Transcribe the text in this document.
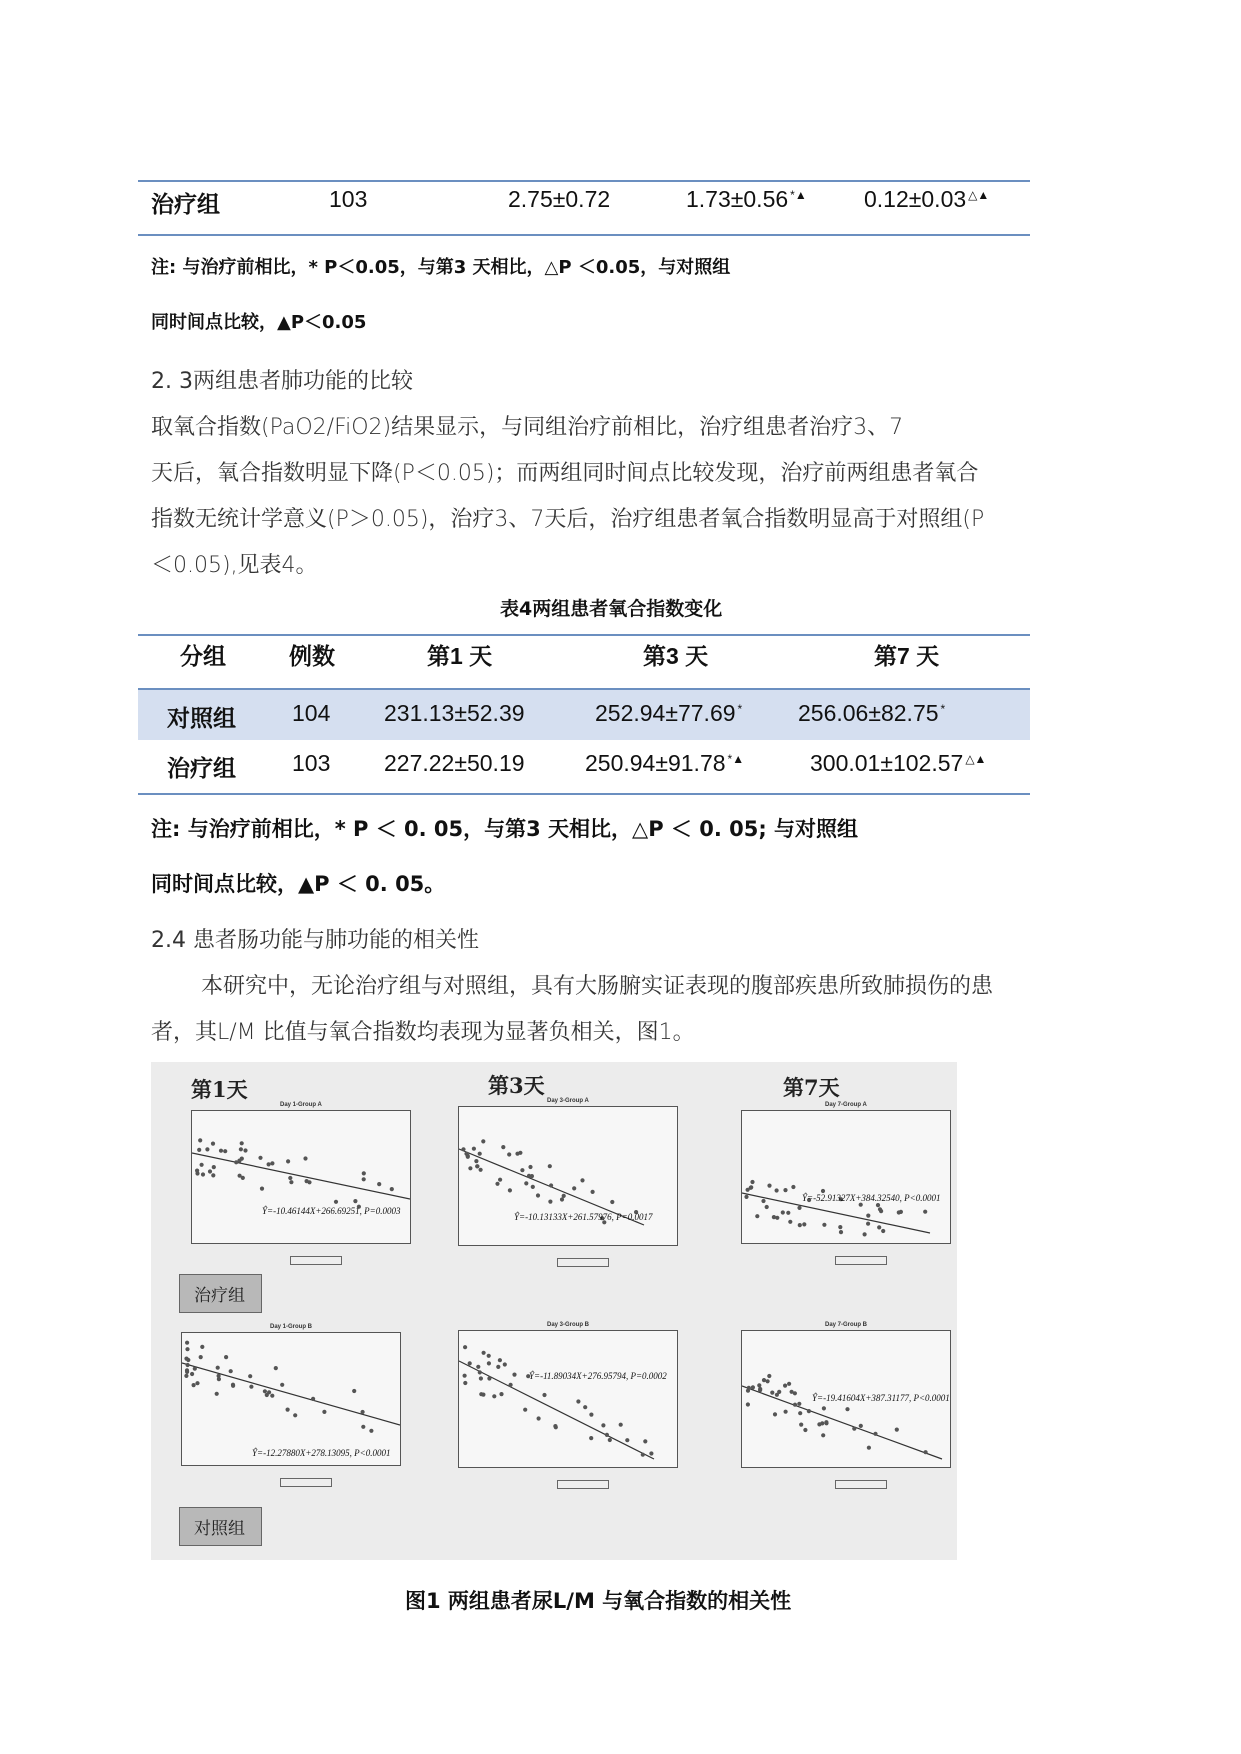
治疗组	103	2.75±0.72	1.73±0.56 *▲ 0.12±0.03 △▲
注: 与治疗前相比，* P＜0.05，与第3 天相比，△P ＜0.05，与对照组
同时间点比较，▲P＜0.05
2. 3两组患者肺功能的比较
取氧合指数(PaO2/FiO2)结果显示，与同组治疗前相比，治疗组患者治疗3、7
天后，氧合指数明显下降(P＜0.05)；而两组同时间点比较发现，治疗前两组患者氧合
指数无统计学意义(P＞0.05)，治疗3、7天后，治疗组患者氧合指数明显高于对照组(P
＜0.05),见表4。
表4两组患者氧合指数变化
分组	例数	第1 天	第3 天	第7 天
对照组 104 231.13±52.39	252.94±77.69 * 256.06±82.75 *
治疗组 103 227.22±50.19	250.94±91.78 *▲	300.01±102.57 △▲
注: 与治疗前相比，* P ＜ 0. 05，与第3 天相比，△P ＜ 0. 05; 与对照组
同时间点比较，▲P ＜ 0. 05。
2.4 患者肠功能与肺功能的相关性
本研究中，无论治疗组与对照组，具有大肠腑实证表现的腹部疾患所致肺损伤的患
者，其L/M 比值与氧合指数均表现为显著负相关，图1。
第1天	第3天	第7天
Day 1-Group A
Ŷ=-10.46144X+266.69251, P=0.0003
Day 3-Group A
Ŷ=-10.13133X+261.57976, P=0.0017
Day 7-Group A
Ŷ=-52.91327X+384.32540, P<0.0001
Day 1-Group B
Ŷ=-12.27880X+278.13095, P<0.0001
Day 3-Group B
Ŷ=-11.89034X+276.95794, P=0.0002
Day 7-Group B
Ŷ=-19.41604X+387.31177, P<0.0001
治疗组
对照组
图1 两组患者尿L/M 与氧合指数的相关性
